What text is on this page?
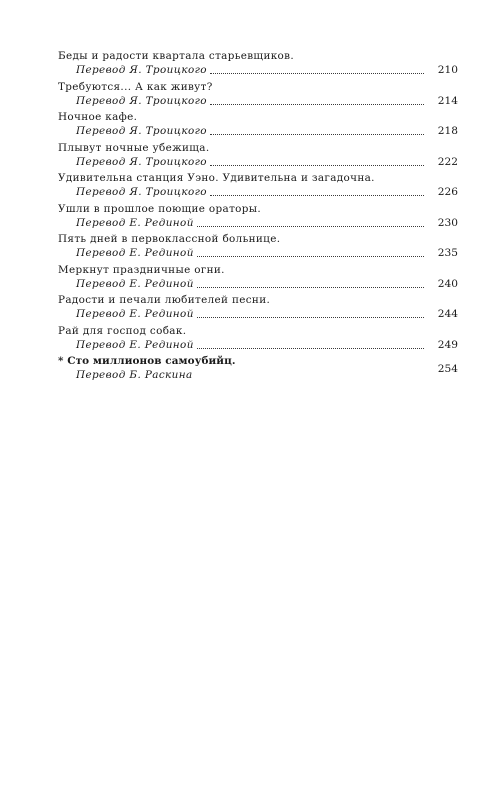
Беды и радости квартала старьевщиков.
Перевод Я. Троицкого	210
Требуются... А как живут?
Перевод Я. Троицкого	214
Ночное кафе.
Перевод Я. Троицкого	218
Плывут ночные убежища.
Перевод Я. Троицкого	222
Удивительна станция Уэно. Удивительна и загадочна.
Перевод Я. Троицкого	226
Ушли в прошлое поющие ораторы.
Перевод Е. Рединой	230
Пять дней в первоклассной больнице.
Перевод Е. Рединой	235
Меркнут праздничные огни.
Перевод Е. Рединой	240
Радости и печали любителей песни.
Перевод Е. Рединой	244
Рай для господ собак.
Перевод Е. Рединой	249
* Сто миллионов самоубийц.
Перевод Б. Раскина	254
